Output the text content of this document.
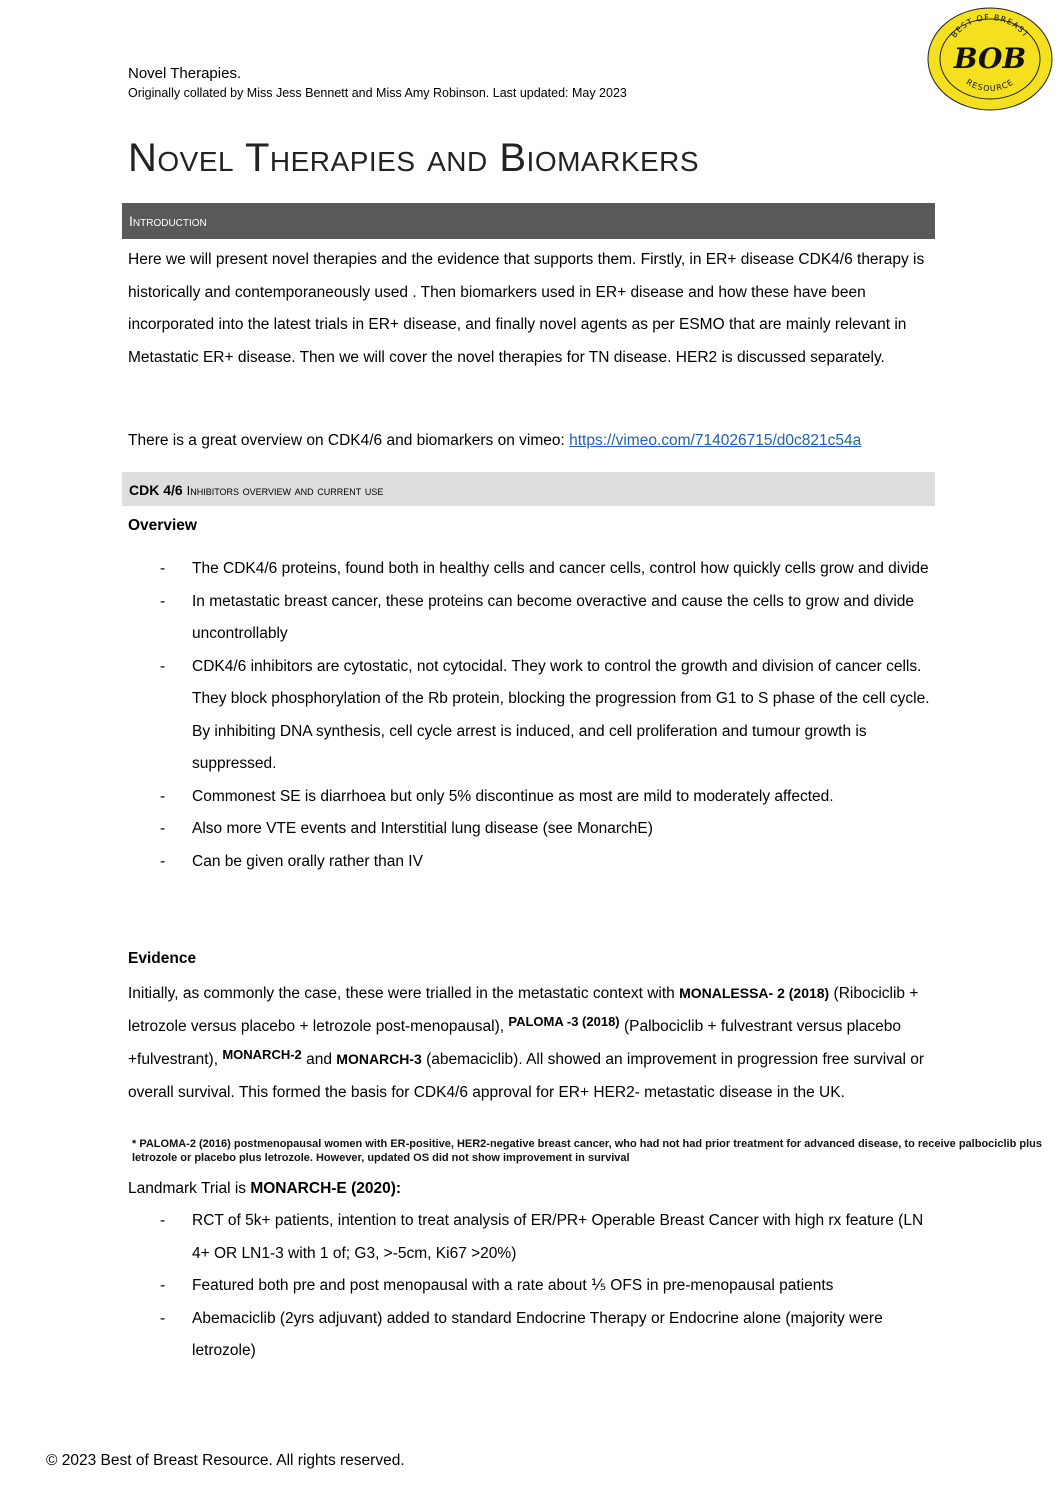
BEST OF BREAST
BOB
RESOURCE
Novel Therapies.
Originally collated by Miss Jess Bennett and Miss Amy Robinson. Last updated: May 2023
Novel Therapies and Biomarkers
Introduction
Here we will present novel therapies and the evidence that supports them. Firstly, in ER+ disease CDK4/6 therapy is historically and contemporaneously used . Then biomarkers used in ER+ disease and how these have been incorporated into the latest trials in ER+ disease, and finally novel agents as per ESMO that are mainly relevant in Metastatic ER+ disease. Then we will cover the novel therapies for TN disease. HER2 is discussed separately.
There is a great overview on CDK4/6 and biomarkers on vimeo: https://vimeo.com/714026715/d0c821c54a
CDK 4/6 Inhibitors overview and current use
Overview
- The CDK4/6 proteins, found both in healthy cells and cancer cells, control how quickly cells grow and divide
- In metastatic breast cancer, these proteins can become overactive and cause the cells to grow and divide uncontrollably
- CDK4/6 inhibitors are cytostatic, not cytocidal. They work to control the growth and division of cancer cells. They block phosphorylation of the Rb protein, blocking the progression from G1 to S phase of the cell cycle. By inhibiting DNA synthesis, cell cycle arrest is induced, and cell proliferation and tumour growth is suppressed.
- Commonest SE is diarrhoea but only 5% discontinue as most are mild to moderately affected.
- Also more VTE events and Interstitial lung disease (see MonarchE)
- Can be given orally rather than IV
Evidence
Initially, as commonly the case, these were trialled in the metastatic context with MONALESSA- 2 (2018) (Ribociclib + letrozole versus placebo + letrozole post-menopausal), $^{PALOMA -3 (2018)}$ (Palbociclib + fulvestrant versus placebo +fulvestrant), $^{MONARCH-2}$ and MONARCH-3 (abemaciclib). All showed an improvement in progression free survival or overall survival. This formed the basis for CDK4/6 approval for ER+ HER2- metastatic disease in the UK.
* PALOMA-2 (2016) postmenopausal women with ER-positive, HER2-negative breast cancer, who had not had prior treatment for advanced disease, to receive palbociclib plus letrozole or placebo plus letrozole. However, updated OS did not show improvement in survival
Landmark Trial is MONARCH-E (2020):
- RCT of 5k+ patients, intention to treat analysis of ER/PR+ Operable Breast Cancer with high rx feature (LN 4+ OR LN1-3 with 1 of; G3, >-5cm, Ki67 >20%)
- Featured both pre and post menopausal with a rate about ⅕ OFS in pre-menopausal patients
- Abemaciclib (2yrs adjuvant) added to standard Endocrine Therapy or Endocrine alone (majority were letrozole)
© 2023 Best of Breast Resource. All rights reserved.
